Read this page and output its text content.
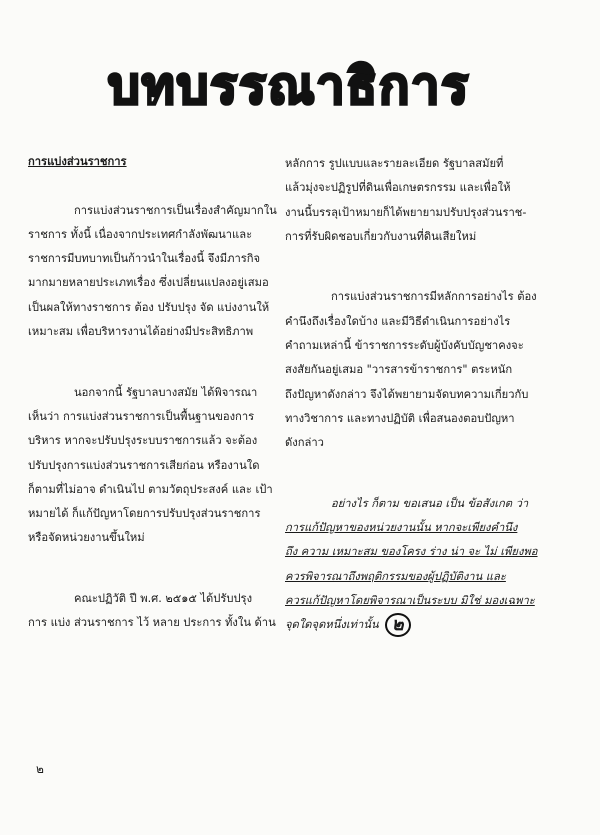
บทบรรณาธิการ
การแบ่งส่วนราชการ
การแบ่งส่วนราชการเป็นเรื่องสำคัญมากใน
ราชการ ทั้งนี้ เนื่องจากประเทศกำลังพัฒนาและ
ราชการมีบทบาทเป็นก้าวนำในเรื่องนี้ จึงมีภารกิจ
มากมายหลายประเภทเรื่อง ซึ่งเปลี่ยนแปลงอยู่เสมอ
เป็นผลให้ทางราชการ ต้อง ปรับปรุง จัด แบ่งงานให้
เหมาะสม เพื่อบริหารงานได้อย่างมีประสิทธิภาพ
นอกจากนี้ รัฐบาลบางสมัย ได้พิจารณา
เห็นว่า การแบ่งส่วนราชการเป็นพื้นฐานของการ
บริหาร หากจะปรับปรุงระบบราชการแล้ว จะต้อง
ปรับปรุงการแบ่งส่วนราชการเสียก่อน หรืองานใด
ก็ตามที่ไม่อาจ ดำเนินไป ตามวัตถุประสงค์ และ เป้า
หมายได้ ก็แก้ปัญหาโดยการปรับปรุงส่วนราชการ
หรือจัดหน่วยงานขึ้นใหม่
คณะปฏิวัติ ปี พ.ศ. ๒๕๑๕ ได้ปรับปรุง
การ แบ่ง ส่วนราชการ ไว้ หลาย ประการ ทั้งใน ด้าน
หลักการ รูปแบบและรายละเอียด รัฐบาลสมัยที่
แล้วมุ่งจะปฏิรูปที่ดินเพื่อเกษตรกรรม และเพื่อให้
งานนี้บรรลุเป้าหมายก็ได้พยายามปรับปรุงส่วนราช-
การที่รับผิดชอบเกี่ยวกับงานที่ดินเสียใหม่
การแบ่งส่วนราชการมีหลักการอย่างไร ต้อง
คำนึงถึงเรื่องใดบ้าง และมีวิธีดำเนินการอย่างไร
คำถามเหล่านี้ ข้าราชการระดับผู้บังคับบัญชาคงจะ
สงสัยกันอยู่เสมอ "วารสารข้าราชการ" ตระหนัก
ถึงปัญหาดังกล่าว จึงได้พยายามจัดบทความเกี่ยวกับ
ทางวิชาการ และทางปฏิบัติ เพื่อสนองตอบปัญหา
ดังกล่าว
อย่างไร ก็ตาม ขอเสนอ เป็น ข้อสังเกต ว่า
การแก้ปัญหาของหน่วยงานนั้น หากจะเพียงคำนึง
ถึง ความ เหมาะสม ของโครง ร่าง น่า จะ ไม่ เพียงพอ
ควรพิจารณาถึงพฤติกรรมของผู้ปฏิบัติงาน และ
ควรแก้ปัญหาโดยพิจารณาเป็นระบบ มิใช่ มองเฉพาะ
จุดใดจุดหนึ่งเท่านั้น ๒
๒
